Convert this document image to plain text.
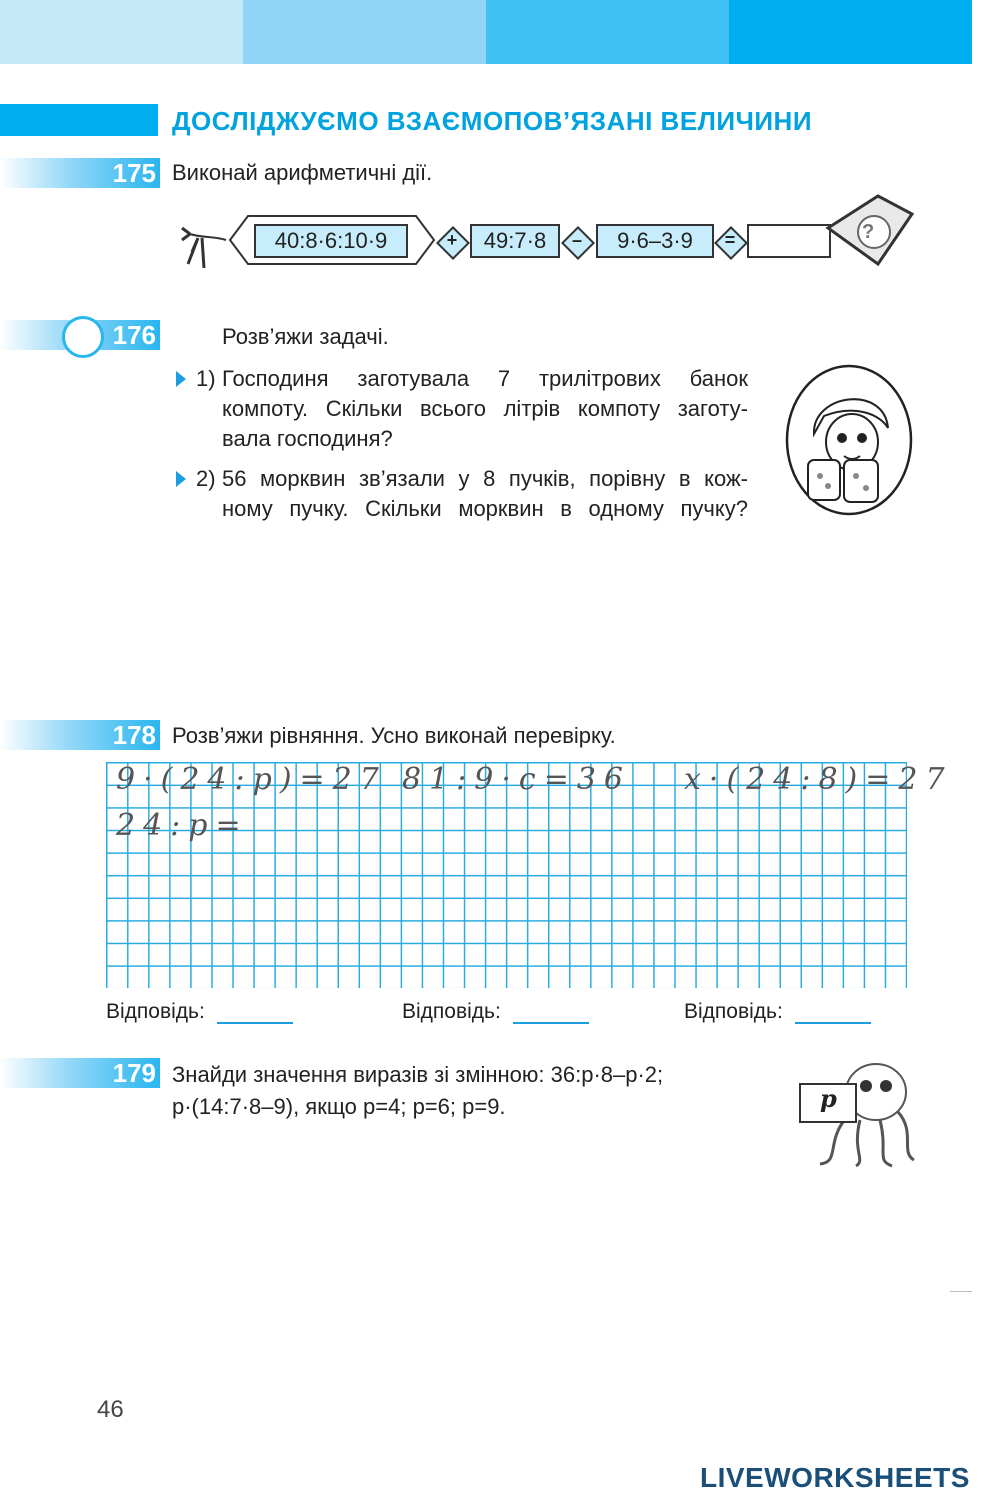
ДОСЛІДЖУЄМО ВЗАЄМОПОВ’ЯЗАНІ ВЕЛИЧИНИ
175 Виконай арифметичні дії.
40:8·6:10·9	+	49:7·8	–	9·6–3·9	=	?
176	Розв’яжи задачі.
1) Господиня заготувала 7 трилітрових банок
компоту. Скільки всього літрів компоту заготу-
вала господиня?
2) 56 морквин зв’язали у 8 пучків, порівну в кож-
ному пучку. Скільки морквин в одному пучку?
178 Розв’яжи рівняння. Усно виконай перевірку.
9·(24:p)=27 81:9·c=36 x·(24:8)=27
24:p=
Відповідь:	Відповідь:	Відповідь:
179 Знайди значення виразів зі змінною: 36:p·8–p·2;
p·(14:7·8–9), якщо p=4; p=6; p=9.	p
46
LIVEWORKSHEETS
